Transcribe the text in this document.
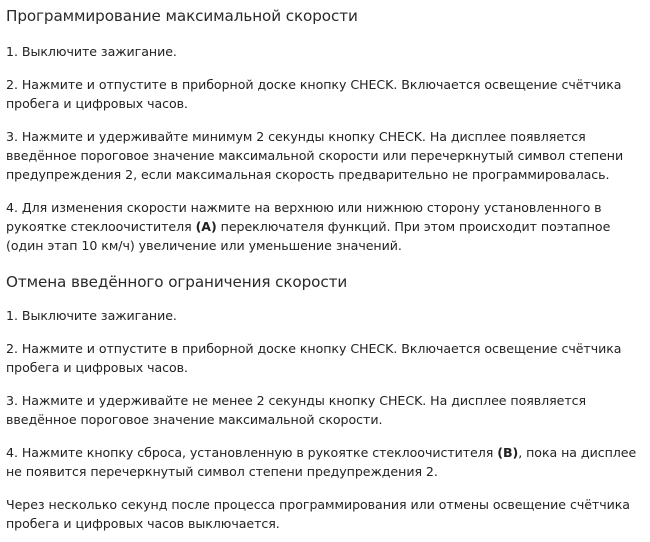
Программирование максимальной скорости

1. Выключите зажигание.

2. Нажмите и отпустите в приборной доске кнопку CHECK. Включается освещение счётчика пробега и цифровых часов.

3. Нажмите и удерживайте минимум 2 секунды кнопку CHECK. На дисплее появляется введённое пороговое значение максимальной скорости или перечеркнутый символ степени предупреждения 2, если максимальная скорость предварительно не программировалась.

4. Для изменения скорости нажмите на верхнюю или нижнюю сторону установленного в рукоятке стеклоочистителя (A) переключателя функций. При этом происходит поэтапное (один этап 10 км/ч) увеличение или уменьшение значений.

Отмена введённого ограничения скорости

1. Выключите зажигание.

2. Нажмите и отпустите в приборной доске кнопку CHECK. Включается освещение счётчика пробега и цифровых часов.

3. Нажмите и удерживайте не менее 2 секунды кнопку CHECK. На дисплее появляется введённое пороговое значение максимальной скорости.

4. Нажмите кнопку сброса, установленную в рукоятке стеклоочистителя (B), пока на дисплее не появится перечеркнутый символ степени предупреждения 2.

Через несколько секунд после процесса программирования или отмены освещение счётчика пробега и цифровых часов выключается.
